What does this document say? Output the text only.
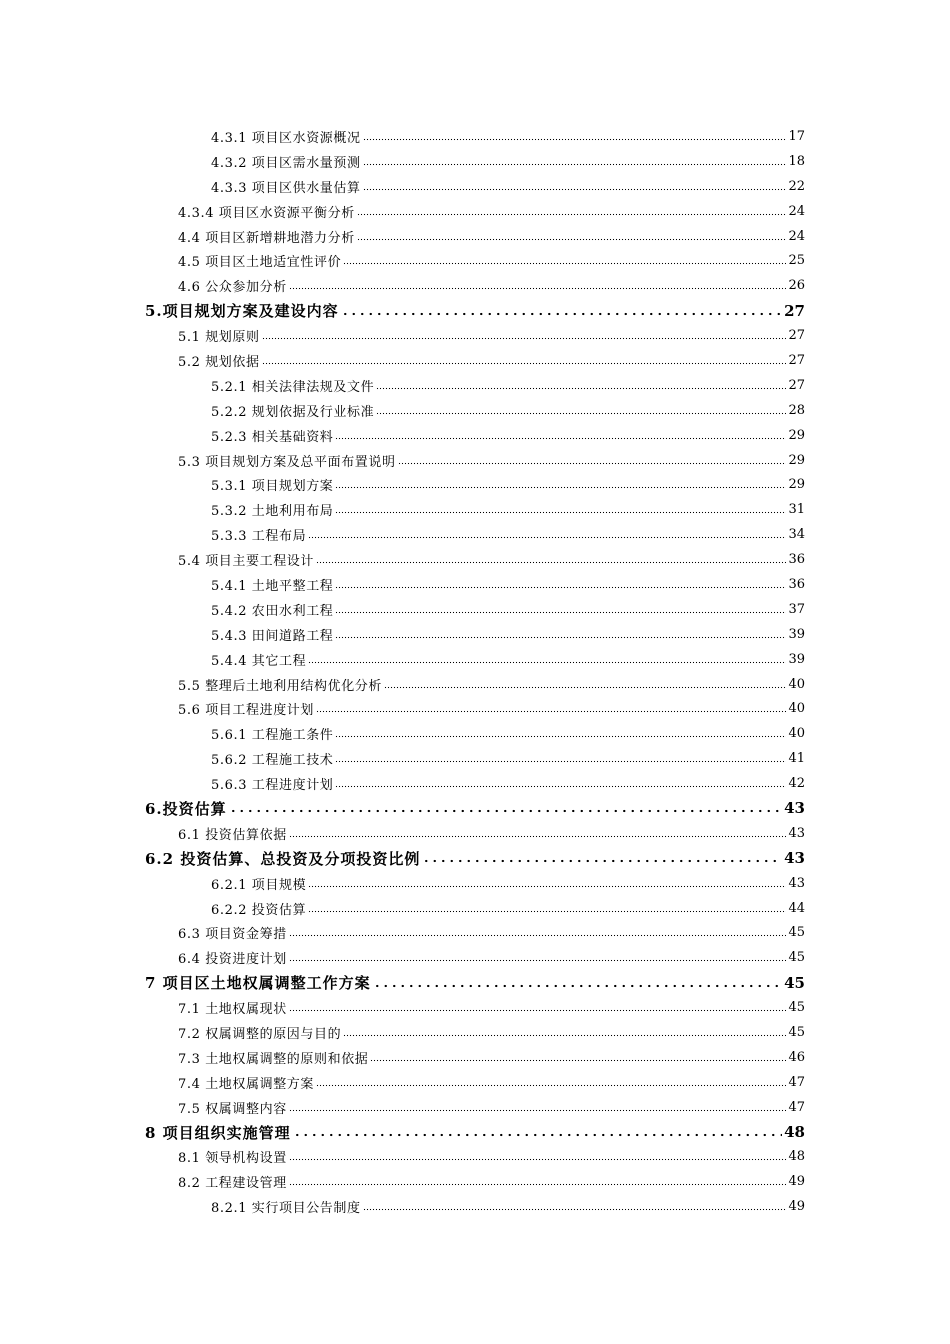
4.3.1 项目区水资源概况	17
4.3.2 项目区需水量预测	18
4.3.3 项目区供水量估算	22
4.3.4 项目区水资源平衡分析	24
4.4 项目区新增耕地潜力分析	24
4.5 项目区土地适宜性评价	25
4.6 公众参加分析	26
5.项目规划方案及建设内容	27
5.1 规划原则	27
5.2 规划依据	27
5.2.1 相关法律法规及文件	27
5.2.2 规划依据及行业标准	28
5.2.3 相关基础资料	29
5.3 项目规划方案及总平面布置说明	29
5.3.1 项目规划方案	29
5.3.2 土地利用布局	31
5.3.3 工程布局	34
5.4 项目主要工程设计	36
5.4.1 土地平整工程	36
5.4.2 农田水利工程	37
5.4.3 田间道路工程	39
5.4.4 其它工程	39
5.5 整理后土地利用结构优化分析	40
5.6 项目工程进度计划	40
5.6.1 工程施工条件	40
5.6.2 工程施工技术	41
5.6.3 工程进度计划	42
6.投资估算	43
6.1 投资估算依据	43
6.2 投资估算、总投资及分项投资比例	43
6.2.1 项目规模	43
6.2.2 投资估算	44
6.3 项目资金筹措	45
6.4 投资进度计划	45
7 项目区土地权属调整工作方案	45
7.1 土地权属现状	45
7.2 权属调整的原因与目的	45
7.3 土地权属调整的原则和依据	46
7.4 土地权属调整方案	47
7.5 权属调整内容	47
8 项目组织实施管理	48
8.1 领导机构设置	48
8.2 工程建设管理	49
8.2.1 实行项目公告制度	49
